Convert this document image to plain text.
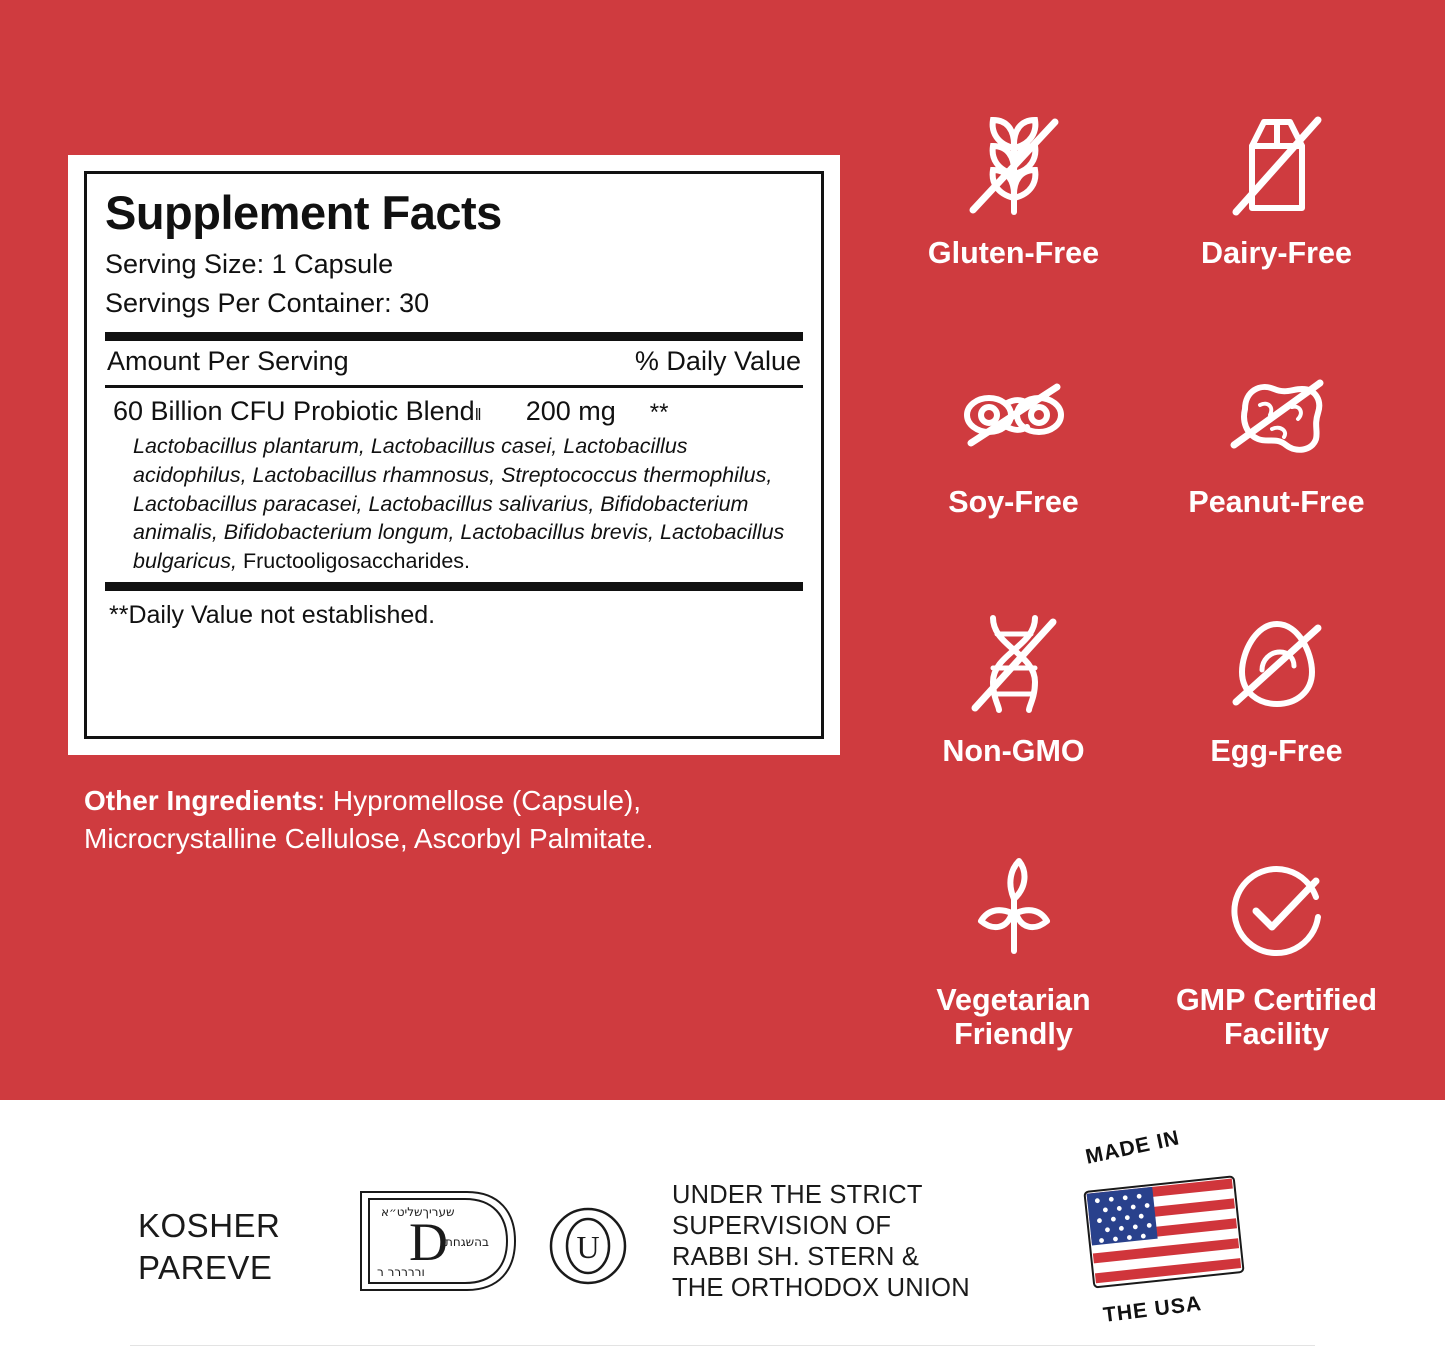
Supplement Facts
Serving Size: 1 Capsule
Servings Per Container: 30
Amount Per Serving	% Daily Value
60 Billion CFU Probiotic Blend ‖ 200 mg **
Lactobacillus plantarum, Lactobacillus casei, Lactobacillus acidophilus, Lactobacillus rhamnosus, Streptococcus thermophilus, Lactobacillus paracasei, Lactobacillus salivarius, Bifidobacterium animalis, Bifidobacterium longum, Lactobacillus brevis, Lactobacillus bulgaricus, Fructooligosaccharides.
**Daily Value not established.
Other Ingredients: Hypromellose (Capsule), Microcrystalline Cellulose, Ascorbyl Palmitate.
Gluten-Free	Dairy-Free
Soy-Free	Peanut-Free
Non-GMO	Egg-Free
Vegetarian Friendly
GMP Certified Facility
KOSHER
PAREVE	D
שעריךשליט״א
בהשגחת
וררררר ר
U
UNDER THE STRICT SUPERVISION OF RABBI SH. STERN & THE ORTHODOX UNION
MADE IN
THE USA
